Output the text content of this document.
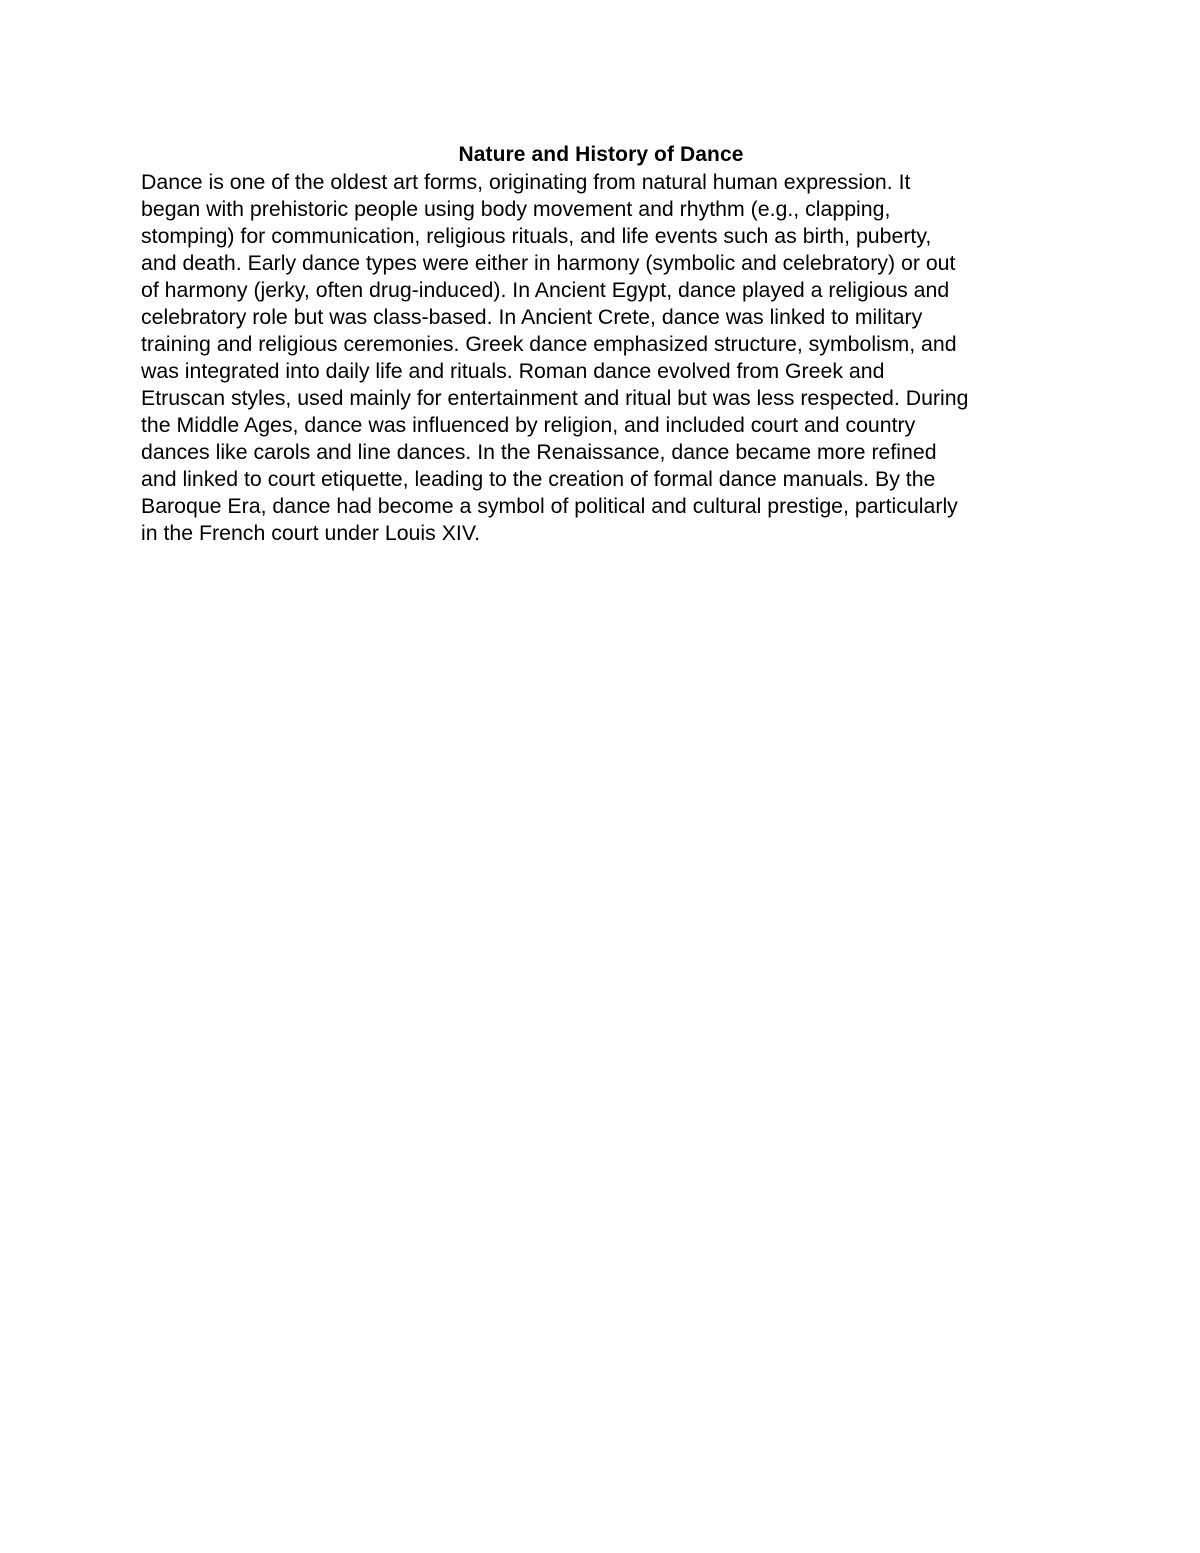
Nature and History of Dance

Dance is one of the oldest art forms, originating from natural human expression. It
began with prehistoric people using body movement and rhythm (e.g., clapping,
stomping) for communication, religious rituals, and life events such as birth, puberty,
and death. Early dance types were either in harmony (symbolic and celebratory) or out
of harmony (jerky, often drug-induced). In Ancient Egypt, dance played a religious and
celebratory role but was class-based. In Ancient Crete, dance was linked to military
training and religious ceremonies. Greek dance emphasized structure, symbolism, and
was integrated into daily life and rituals. Roman dance evolved from Greek and
Etruscan styles, used mainly for entertainment and ritual but was less respected. During
the Middle Ages, dance was influenced by religion, and included court and country
dances like carols and line dances. In the Renaissance, dance became more refined
and linked to court etiquette, leading to the creation of formal dance manuals. By the
Baroque Era, dance had become a symbol of political and cultural prestige, particularly
in the French court under Louis XIV.
